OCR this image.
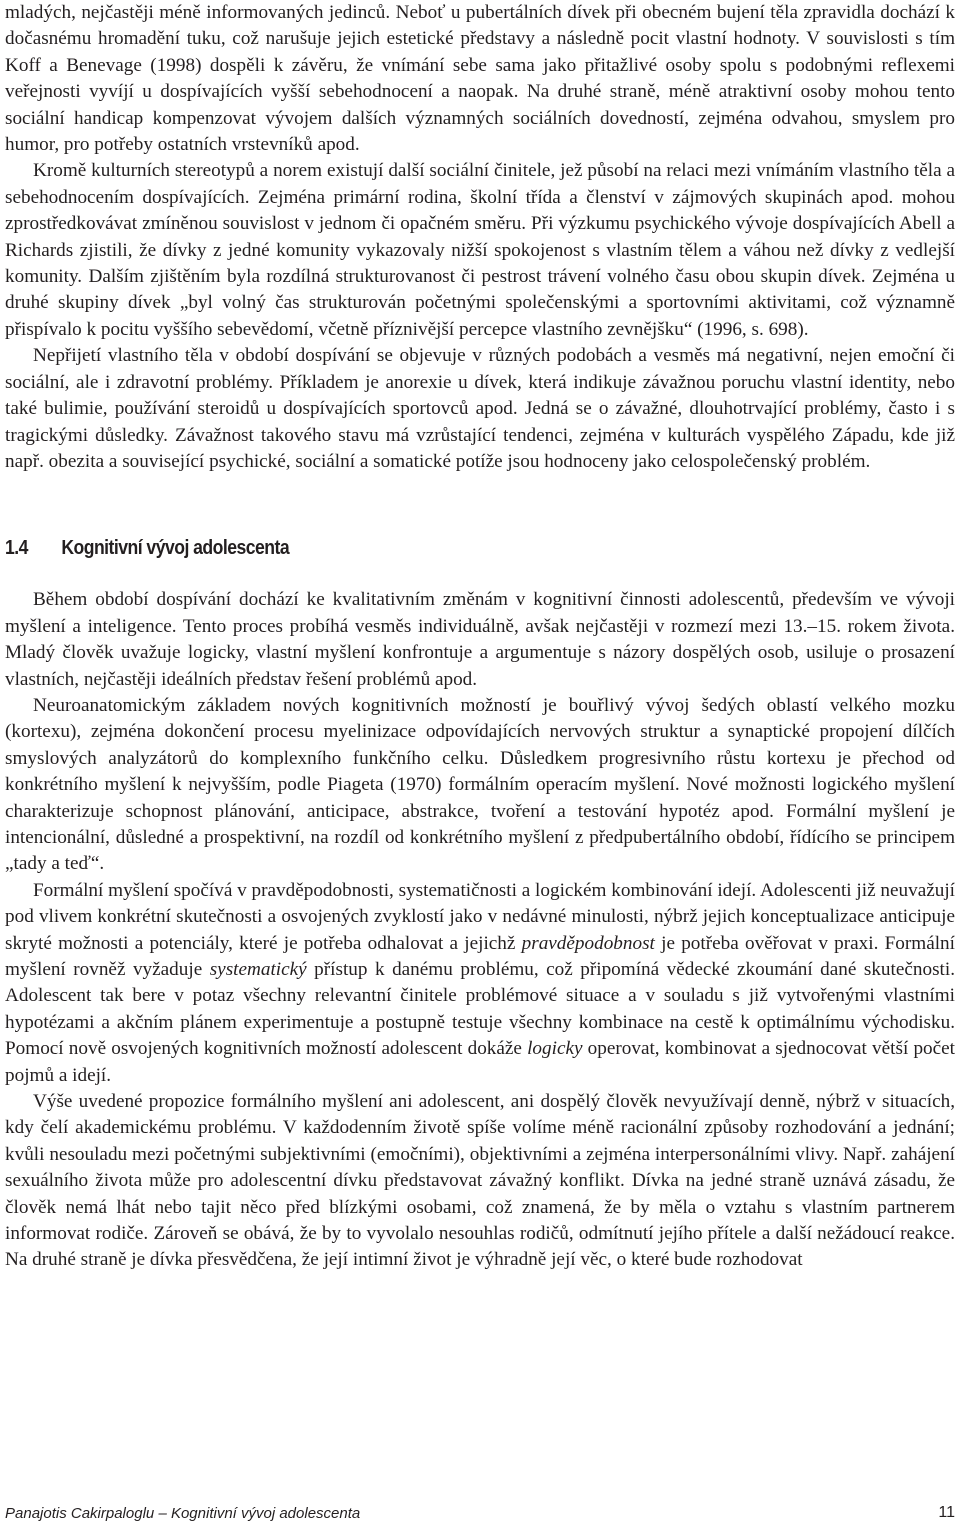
mladých, nejčastěji méně informovaných jedinců. Neboť u pubertálních dívek při obecném bujení těla zpravidla dochází k dočasnému hromadění tuku, což narušuje jejich estetické představy a následně pocit vlastní hodnoty. V souvislosti s tím Koff a Benevage (1998) dospěli k závěru, že vnímání sebe sama jako přitažlivé osoby spolu s podobnými reflexemi veřejnosti vyvíjí u dospívajících vyšší sebehodnocení a naopak. Na druhé straně, méně atraktivní osoby mohou tento sociální handicap kompenzovat vývojem dalších významných sociálních dovedností, zejména odvahou, smyslem pro humor, pro potřeby ostatních vrstevníků apod.

Kromě kulturních stereotypů a norem existují další sociální činitele, jež působí na relaci mezi vnímáním vlastního těla a sebehodnocením dospívajících. Zejména primární rodina, školní třída a členství v zájmových skupinách apod. mohou zprostředkovávat zmíněnou souvislost v jednom či opačném směru. Při výzkumu psychického vývoje dospívajících Abell a Richards zjistili, že dívky z jedné komunity vykazovaly nižší spokojenost s vlastním tělem a váhou než dívky z vedlejší komunity. Dalším zjištěním byla rozdílná strukturovanost či pestrost trávení volného času obou skupin dívek. Zejména u druhé skupiny dívek „byl volný čas strukturován početnými společenskými a sportovními aktivitami, což významně přispívalo k pocitu vyššího sebevědomí, včetně příznivější percepce vlastního zevnějšku“ (1996, s. 698).

Nepřijetí vlastního těla v období dospívání se objevuje v různých podobách a vesměs má negativní, nejen emoční či sociální, ale i zdravotní problémy. Příkladem je anorexie u dívek, která indikuje závažnou poruchu vlastní identity, nebo také bulimie, používání steroidů u dospívajících sportovců apod. Jedná se o závažné, dlouhotrvající problémy, často i s tragickými důsledky. Závažnost takového stavu má vzrůstající tendenci, zejména v kulturách vyspělého Západu, kde již např. obezita a související psychické, sociální a somatické potíže jsou hodnoceny jako celospolečenský problém.

1.4	Kognitivní vývoj adolescenta

Během období dospívání dochází ke kvalitativním změnám v kognitivní činnosti adolescentů, především ve vývoji myšlení a inteligence. Tento proces probíhá vesměs individuálně, avšak nejčastěji v rozmezí mezi 13.–15. rokem života. Mladý člověk uvažuje logicky, vlastní myšlení konfrontuje a argumentuje s názory dospělých osob, usiluje o prosazení vlastních, nejčastěji ideálních představ řešení problémů apod.

Neuroanatomickým základem nových kognitivních možností je bouřlivý vývoj šedých oblastí velkého mozku (kortexu), zejména dokončení procesu myelinizace odpovídajících nervových struktur a synaptické propojení dílčích smyslových analyzátorů do komplexního funkčního celku. Důsledkem progresivního růstu kortexu je přechod od konkrétního myšlení k nejvyšším, podle Piageta (1970) formálním operacím myšlení. Nové možnosti logického myšlení charakterizuje schopnost plánování, anticipace, abstrakce, tvoření a testování hypotéz apod. Formální myšlení je intencionální, důsledné a prospektivní, na rozdíl od konkrétního myšlení z předpubertálního období, řídícího se principem „tady a teď“.

Formální myšlení spočívá v pravděpodobnosti, systematičnosti a logickém kombinování idejí. Adolescenti již neuvažují pod vlivem konkrétní skutečnosti a osvojených zvyklostí jako v nedávné minulosti, nýbrž jejich konceptualizace anticipuje skryté možnosti a potenciály, které je potřeba odhalovat a jejichž pravděpodobnost je potřeba ověřovat v praxi. Formální myšlení rovněž vyžaduje systematický přístup k danému problému, což připomíná vědecké zkoumání dané skutečnosti. Adolescent tak bere v potaz všechny relevantní činitele problémové situace a v souladu s již vytvořenými vlastními hypotézami a akčním plánem experimentuje a postupně testuje všechny kombinace na cestě k optimálnímu východisku. Pomocí nově osvojených kognitivních možností adolescent dokáže logicky operovat, kombinovat a sjednocovat větší počet pojmů a idejí.

Výše uvedené propozice formálního myšlení ani adolescent, ani dospělý člověk nevyužívají denně, nýbrž v situacích, kdy čelí akademickému problému. V každodenním životě spíše volíme méně racionální způsoby rozhodování a jednání; kvůli nesouladu mezi početnými subjektivními (emočními), objektivními a zejména interpersonálními vlivy. Např. zahájení sexuálního života může pro adolescentní dívku představovat závažný konflikt. Dívka na jedné straně uznává zásadu, že člověk nemá lhát nebo tajit něco před blízkými osobami, což znamená, že by měla o vztahu s vlastním partnerem informovat rodiče. Zároveň se obává, že by to vyvolalo nesouhlas rodičů, odmítnutí jejího přítele a další nežádoucí reakce. Na druhé straně je dívka přesvědčena, že její intimní život je výhradně její věc, o které bude rozhodovat

Panajotis Cakirpaloglu – Kognitivní vývoj adolescenta	11
